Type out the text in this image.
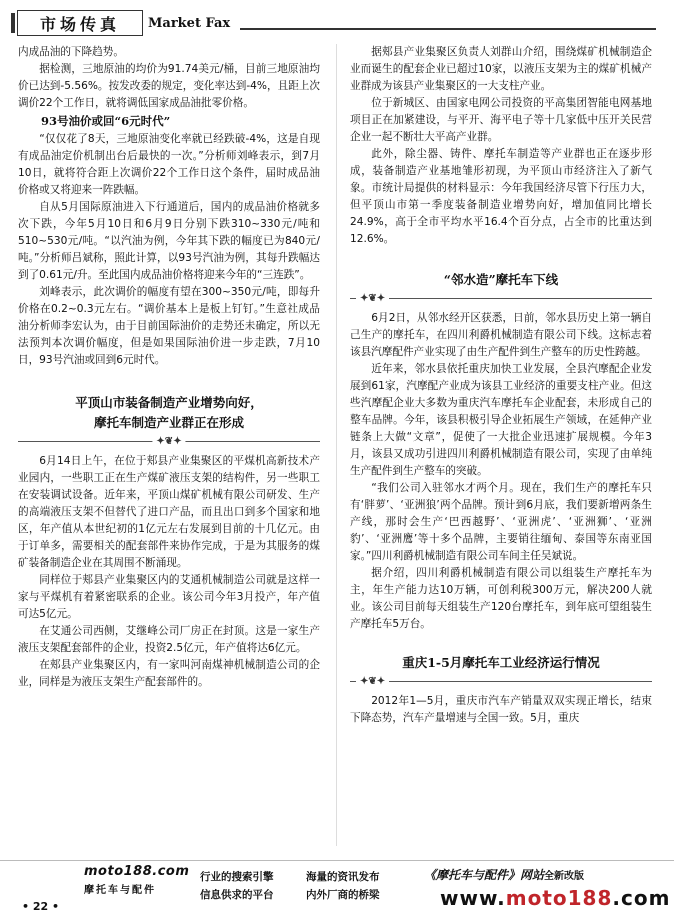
市场传真 Market Fax

内成品油的下降趋势。

据检测，三地原油的均价为91.74美元/桶，目前三地原油均价已达到-5.56%。按发改委的规定，变化率达到-4%，且距上次调价22个工作日，就将调低国家成品油批零价格。

93号油价或回“6元时代”

“仅仅花了8天，三地原油变化率就已经跌破-4%，这是自现有成品油定价机制出台后最快的一次。”分析师刘峰表示，到7月10日，就将符合距上次调价22个工作日这个条件，届时成品油价格或又将迎来一阵跌幅。

自从5月国际原油进入下行通道后，国内的成品油价格就多次下跌，今年5月10日和6月9日分别下跌310~330元/吨和510~530元/吨。“以汽油为例，今年其下跌的幅度已为840元/吨。”分析师吕斌称，照此计算，以93号汽油为例，其每升跌幅达到了0.61元/升。至此国内成品油价格将迎来今年的“三连跌”。

刘峰表示，此次调价的幅度有望在300~350元/吨，即每升价格在0.2~0.3元左右。“调价基本上是板上钉钉。”生意社成品油分析师李宏认为，由于目前国际油价的走势还未确定，所以无法预判本次调价幅度，但是如果国际油价进一步走跌，7月10日，93号汽油或回到6元时代。

平顶山市装备制造产业增势向好，
摩托车制造产业群正在形成
✦❦✦

6月14日上午，在位于郏县产业集聚区的平煤机高新技术产业园内，一些职工正在生产煤矿液压支架的结构件，另一些职工在安装调试设备。近年来，平顶山煤矿机械有限公司研发、生产的高端液压支架不但替代了进口产品，而且出口到多个国家和地区，年产值从本世纪初的1亿元左右发展到目前的十几亿元。由于订单多，需要相关的配套部件来协作完成，于是为其服务的煤矿装备制造企业在其周围不断涌现。

同样位于郏县产业集聚区内的艾通机械制造公司就是这样一家与平煤机有着紧密联系的企业。该公司今年3月投产，年产值可达5亿元。

在艾通公司西侧，艾继峰公司厂房正在封顶。这是一家生产液压支架配套部件的企业，投资2.5亿元，年产值将达6亿元。

在郏县产业集聚区内，有一家叫河南煤神机械制造公司的企业，同样是为液压支架生产配套部件的。

据郏县产业集聚区负责人刘群山介绍，围绕煤矿机械制造企业而诞生的配套企业已超过10家，以液压支架为主的煤矿机械产业群成为该县产业集聚区的一大支柱产业。

位于新城区、由国家电网公司投资的平高集团智能电网基地项目正在加紧建设，与平开、海平电子等十几家低中压开关民营企业一起不断壮大平高产业群。

此外，除尘器、铸件、摩托车制造等产业群也正在逐步形成，装备制造产业基地雏形初现，为平顶山市经济注入了新气象。市统计局提供的材料显示：今年我国经济尽管下行压力大，但平顶山市第一季度装备制造业增势向好，增加值同比增长24.9%，高于全市平均水平16.4个百分点，占全市的比重达到12.6%。

“邻水造”摩托车下线
✦❦✦

6月2日，从邻水经开区获悉，日前，邻水县历史上第一辆自己生产的摩托车，在四川利爵机械制造有限公司下线。这标志着该县汽摩配件产业实现了由生产配件到生产整车的历史性跨越。

近年来，邻水县依托重庆加快工业发展，全县汽摩配企业发展到61家，汽摩配产业成为该县工业经济的重要支柱产业。但这些汽摩配企业大多数为重庆汽车摩托车企业配套，未形成自己的整车品牌。今年，该县积极引导企业拓展生产领域，在延伸产业链条上大做“文章”，促使了一大批企业迅速扩展规模。今年3月，该县又成功引进四川利爵机械制造有限公司，实现了由单纯生产配件到生产整车的突破。

“我们公司入驻邻水才两个月。现在，我们生产的摩托车只有‘胖萝’、‘亚洲狼’两个品牌。预计到6月底，我们要新增两条生产线，那时会生产‘巴西越野’、‘亚洲虎’、‘亚洲狮’、‘亚洲豹’、‘亚洲鹰’等十多个品牌，主要销往缅甸、泰国等东南亚国家。”四川利爵机械制造有限公司车间主任吴斌说。

据介绍，四川利爵机械制造有限公司以组装生产摩托车为主，年生产能力达10万辆，可创利税300万元，解决200人就业。该公司目前每天组装生产120台摩托车，到年底可望组装生产摩托车5万台。

重庆1-5月摩托车工业经济运行情况
✦❦✦

2012年1—5月，重庆市汽车产销量双双实现正增长，结束下降态势，汽车产量增速与全国一致。5月，重庆

• 22 •
moto188.com
摩托车与配件
行业的搜索引擎	海量的资讯发布
信息供求的平台	内外厂商的桥梁
《摩托车与配件》网站全新改版
www.moto188.com
